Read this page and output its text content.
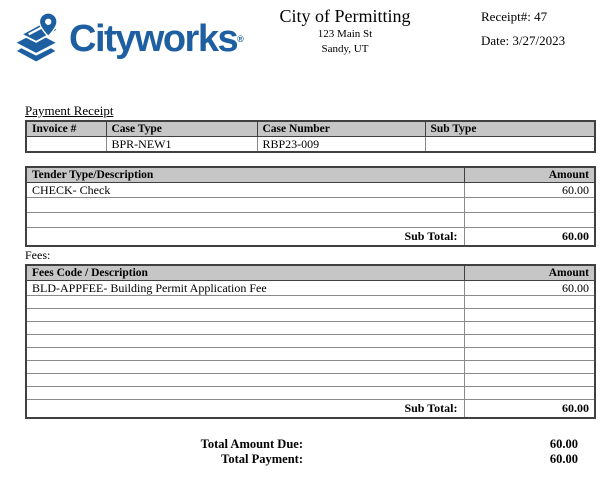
Cityworks ®
City of Permitting
123 Main St
Sandy, UT
Receipt#: 47
Date: 3/27/2023
Payment Receipt
Invoice #	Case Type	Case Number	Sub Type
	BPR-NEW1	RBP23-009	
Tender Type/Description	Amount
CHECK- Check	60.00

Sub Total:	60.00
Fees:
Fees Code / Description	Amount
BLD-APPFEE- Building Permit Application Fee	60.00

Sub Total:	60.00
Total Amount Due:	60.00
Total Payment:	60.00
